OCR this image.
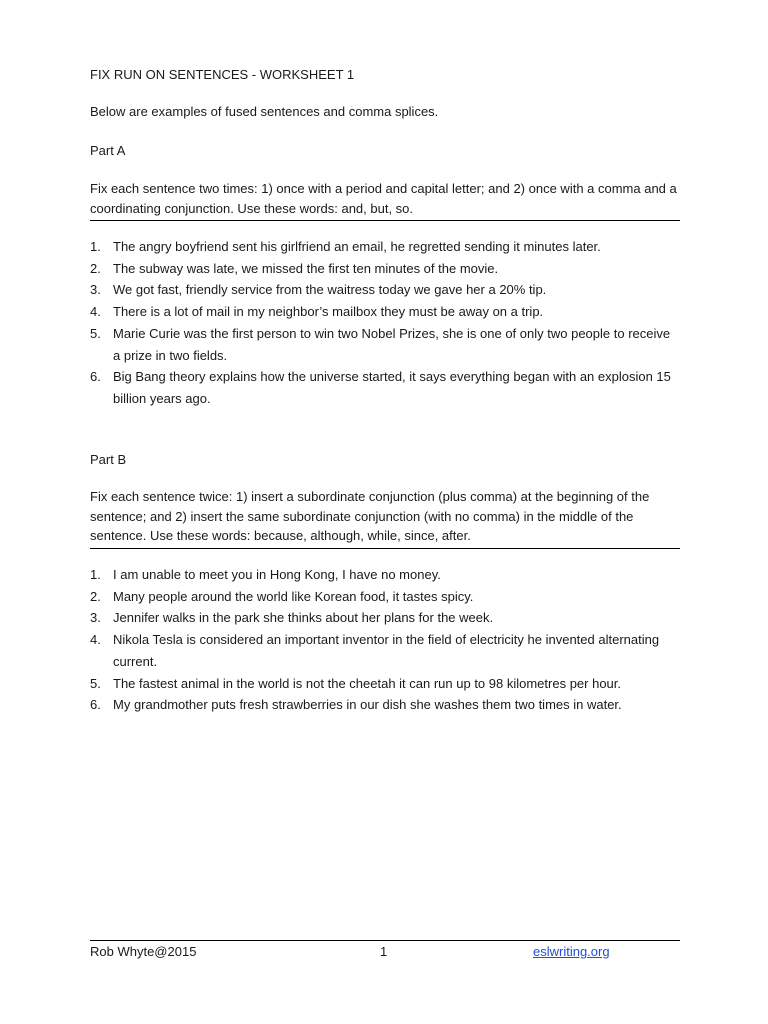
FIX RUN ON SENTENCES - WORKSHEET 1
Below are examples of fused sentences and comma splices.
Part A
Fix each sentence two times: 1) once with a period and capital letter; and 2) once with a comma and a coordinating conjunction. Use these words: and, but, so.
1. The angry boyfriend sent his girlfriend an email, he regretted sending it minutes later.
2. The subway was late, we missed the first ten minutes of the movie.
3. We got fast, friendly service from the waitress today we gave her a 20% tip.
4. There is a lot of mail in my neighbor’s mailbox they must be away on a trip.
5. Marie Curie was the first person to win two Nobel Prizes, she is one of only two people to receive a prize in two fields.
6. Big Bang theory explains how the universe started, it says everything began with an explosion 15 billion years ago.
Part B
Fix each sentence twice: 1) insert a subordinate conjunction (plus comma) at the beginning of the sentence; and 2) insert the same subordinate conjunction (with no comma) in the middle of the sentence. Use these words: because, although, while, since, after.
1. I am unable to meet you in Hong Kong, I have no money.
2. Many people around the world like Korean food, it tastes spicy.
3. Jennifer walks in the park she thinks about her plans for the week.
4. Nikola Tesla is considered an important inventor in the field of electricity he invented alternating current.
5. The fastest animal in the world is not the cheetah it can run up to 98 kilometres per hour.
6. My grandmother puts fresh strawberries in our dish she washes them two times in water.
Rob Whyte@2015	1	eslwriting.org
